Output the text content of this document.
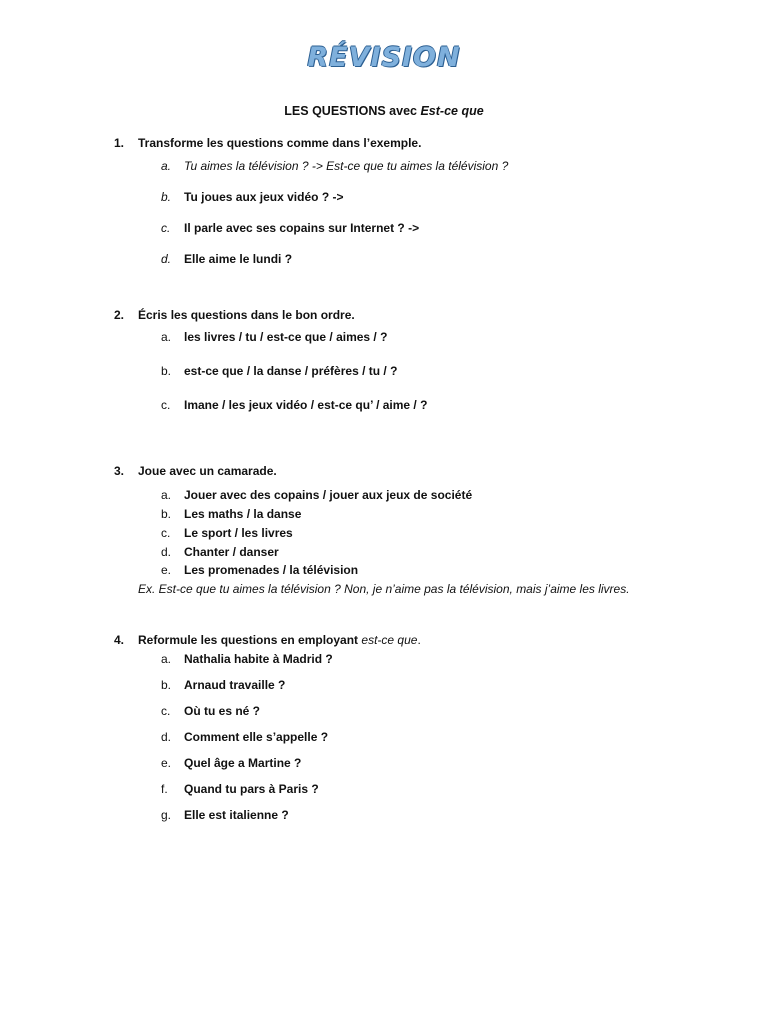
RÉVISION
LES QUESTIONS avec Est-ce que
1. Transforme les questions comme dans l’exemple.
a. Tu aimes la télévision ? -> Est-ce que tu aimes la télévision ?
b. Tu joues aux jeux vidéo ? ->
c. Il parle avec ses copains sur Internet ? ->
d. Elle aime le lundi ?
2. Écris les questions dans le bon ordre.
a. les livres / tu / est-ce que / aimes / ?
b. est-ce que / la danse / préfères / tu / ?
c. Imane / les jeux vidéo / est-ce qu’ / aime / ?
3. Joue avec un camarade.
a. Jouer avec des copains / jouer aux jeux de société
b. Les maths / la danse
c. Le sport / les livres
d. Chanter / danser
e. Les promenades / la télévision
Ex. Est-ce que tu aimes la télévision ? Non, je n’aime pas la télévision, mais j’aime les livres.
4. Reformule les questions en employant est-ce que.
a. Nathalia habite à Madrid ?
b. Arnaud travaille ?
c. Où tu es né ?
d. Comment elle s’appelle ?
e. Quel âge a Martine ?
f. Quand tu pars à Paris ?
g. Elle est italienne ?
